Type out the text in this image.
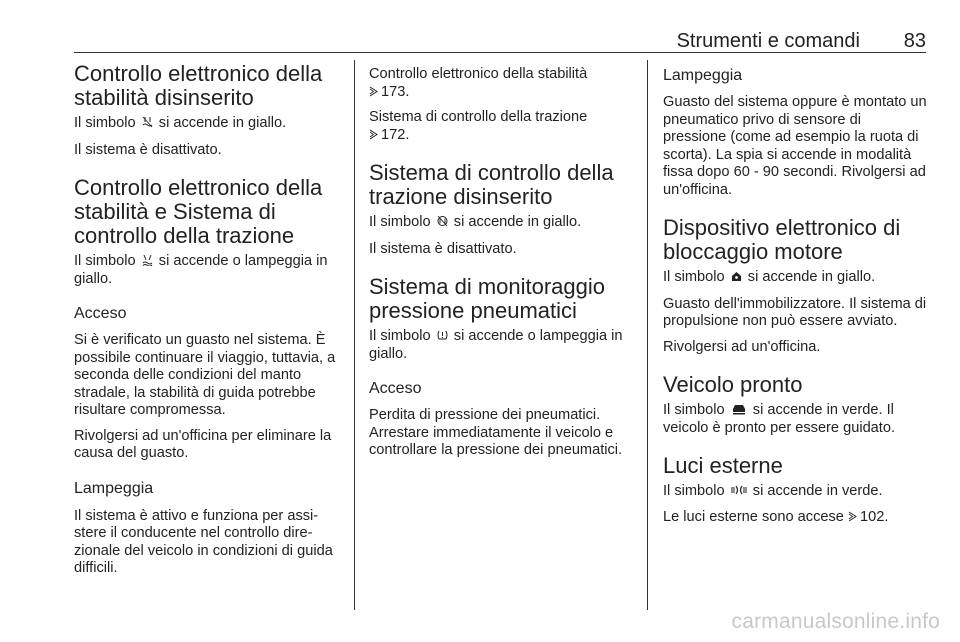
Strumenti e comandi 83
Controllo elettronico della stabilità disinserito

Il simbolo si accende in giallo.

Il sistema è disattivato.

Controllo elettronico della stabilità e Sistema di controllo della trazione

Il simbolo si accende o lampeggia in giallo.

Acceso

Si è verificato un guasto nel sistema. È possibile continuare il viaggio, tuttavia, a seconda delle condizioni del manto stradale, la stabilità di guida potrebbe risultare compromessa.

Rivolgersi ad un'officina per eliminare la causa del guasto.

Lampeggia

Il sistema è attivo e funziona per assistere il conducente nel controllo direzionale del veicolo in condizioni di guida difficili.

Controllo elettronico della stabilità

173.

Sistema di controllo della trazione

172.

Sistema di controllo della trazione disinserito

Il simbolo si accende in giallo.

Il sistema è disattivato.

Sistema di monitoraggio pressione pneumatici

Il simbolo si accende o lampeggia in giallo.

Acceso

Perdita di pressione dei pneumatici. Arrestare immediatamente il veicolo e controllare la pressione dei pneumatici.

Lampeggia

Guasto del sistema oppure è montato un pneumatico privo di sensore di pressione (come ad esempio la ruota di scorta). La spia si accende in modalità fissa dopo 60 - 90 secondi. Rivolgersi ad un'officina.

Dispositivo elettronico di bloccaggio motore

Il simbolo si accende in giallo.

Guasto dell'immobilizzatore. Il sistema di propulsione non può essere avviato.

Rivolgersi ad un'officina.

Veicolo pronto

Il simbolo si accende in verde. Il veicolo è pronto per essere guidato.

Luci esterne

Il simbolo si accende in verde.

Le luci esterne sono accese 102.

carmanualsonline.info
